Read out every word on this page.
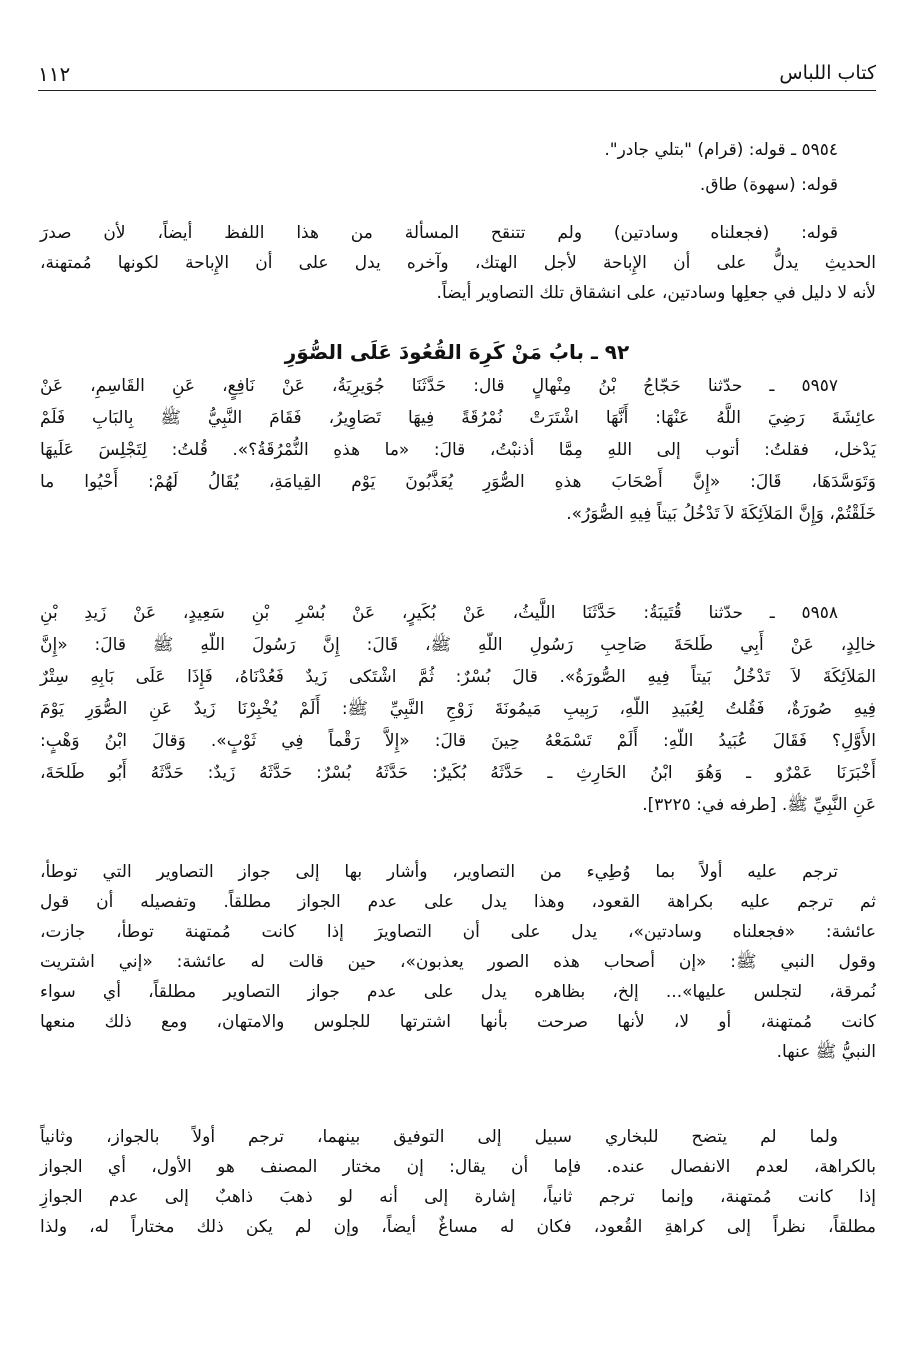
١١٢	كتاب اللباس
٥٩٥٤ ـ قوله: (قرام) "بتلي جادر".
قوله: (سهوة) طاق.
قوله: (فجعلناه وسادتين) ولم تتنقح المسألة من هذا اللفظ أيضاً، لأن صدرَ
الحديثِ يدلُّ على أن الإِباحة لأجل الهتك، وآخره يدل على أن الإِباحة لكونها مُمتهنة،
لأنه لا دليل في جعلِها وسادتين، على انشقاق تلك التصاوير أيضاً.
٩٢ ـ بابُ مَنْ كَرِهَ القُعُودَ عَلَى الصُّوَرِ
٥٩٥٧ ـ حدّثنا حَجّاجُ بْنُ مِنْهالٍ قال: حَدَّثَنَا جُوَيرِيَةُ، عَنْ نَافِعٍ، عَنِ القَاسِمِ، عَنْ
عائِشَةَ رَضِيَ اللَّهُ عَنْهَا: أَنَّهَا اشْتَرَتْ نُمْرُقَةً فِيهَا تَصَاوِيرُ، فَقَامَ النَّبِيُّ ﷺ بِالبَابِ فَلَمْ
يَدْخل، فقلتُ: أتوب إلى اللهِ مِمَّا أذنبْتُ، قالَ: «ما هذهِ النُّمْرُقَةُ؟». قُلتُ: لِتَجْلِسَ عَلَيهَا
وَتَوَسَّدَهَا، قَالَ: «إِنَّ أَصْحَابَ هذهِ الصُّوَرِ يُعَذَّبُونَ يَوْم القِيامَةِ، يُقَالُ لَهُمْ: أَحْيُوا ما
خَلَقْتُمْ، وَإِنَّ المَلاَئِكَةَ لاَ تَدْخُلُ بَيتاً فِيهِ الصُّوَرُ».
٥٩٥٨ ـ حدّثنا قُتَيبَةُ: حَدَّثَنَا اللَّيثُ، عَنْ بُكَيرٍ، عَنْ بُسْرِ بْنِ سَعِيدٍ، عَنْ زَيدِ بْنِ
خالِدٍ، عَنْ أَبِي طَلحَةَ صَاحِبِ رَسُولِ اللّهِ ﷺ، قَالَ: إِنَّ رَسُولَ اللّهِ ﷺ قالَ: «إِنَّ
المَلاَئِكَةَ لاَ تَدْخُلُ بَيتاً فِيهِ الصُّورَةُ». قالَ بُسْرٌ: ثُمَّ اشْتَكى زَيدٌ فَعُدْنَاهُ، فَإِذَا عَلَى بَابِهِ سِتْرٌ
فِيهِ صُورَةٌ، فَقُلتُ لِعُبَيدِ اللّهِ، رَبِيبِ مَيمُونَةَ زَوْجِ النَّبِيِّ ﷺ: أَلَمْ يُخْبِرْنَا زَيدٌ عَنِ الصُّوَرِ يَوْمَ
الأَوَّلِ؟ فَقَالَ عُبَيدُ اللّهِ: أَلَمْ تَسْمَعْهُ حِينَ قالَ: «إِلاَّ رَقْماً فِي ثَوْبٍ». وَقالَ ابْنُ وَهْبٍ:
أَخْبَرَنَا عَمْرٌو ـ وَهُوَ ابْنُ الحَارِثِ ـ حَدَّثَهُ بُكَيرٌ: حَدَّثَهُ بُسْرٌ: حَدَّثَهُ زَيدٌ: حَدَّثَهُ أَبُو طَلحَةَ،
عَنِ النَّبِيِّ ﷺ. [طرفه في: ٣٢٢٥].
ترجم عليه أولاً بما وُطِيء من التصاوير، وأشار بها إلى جواز التصاوير التي توطأ،
ثم ترجم عليه بكراهة القعود، وهذا يدل على عدم الجواز مطلقاً. وتفصيله أن قول
عائشة: «فجعلناه وسادتين»، يدل على أن التصاويرَ إذا كانت مُمتهنة توطأ، جازت،
وقول النبي ﷺ: «إن أصحاب هذه الصور يعذبون»، حين قالت له عائشة: «إني اشتريت
نُمرقة، لتجلس عليها»... إلخ، بظاهره يدل على عدم جواز التصاوير مطلقاً، أي سواء
كانت مُمتهنة، أو لا، لأنها صرحت بأنها اشترتها للجلوس والامتهان، ومع ذلك منعها
النبيُّ ﷺ عنها.
ولما لم يتضح للبخاري سبيل إلى التوفيق بينهما، ترجم أولاً بالجواز، وثانياً
بالكراهة، لعدم الانفصال عنده. فإما أن يقال: إن مختار المصنف هو الأول، أي الجواز
إذا كانت مُمتهنة، وإنما ترجم ثانياً، إشارة إلى أنه لو ذهبَ ذاهبٌ إلى عدم الجوازِ
مطلقاً، نظراً إلى كراهةِ القُعود، فكان له مساغٌ أيضاً، وإن لم يكن ذلك مختاراً له، ولذا
